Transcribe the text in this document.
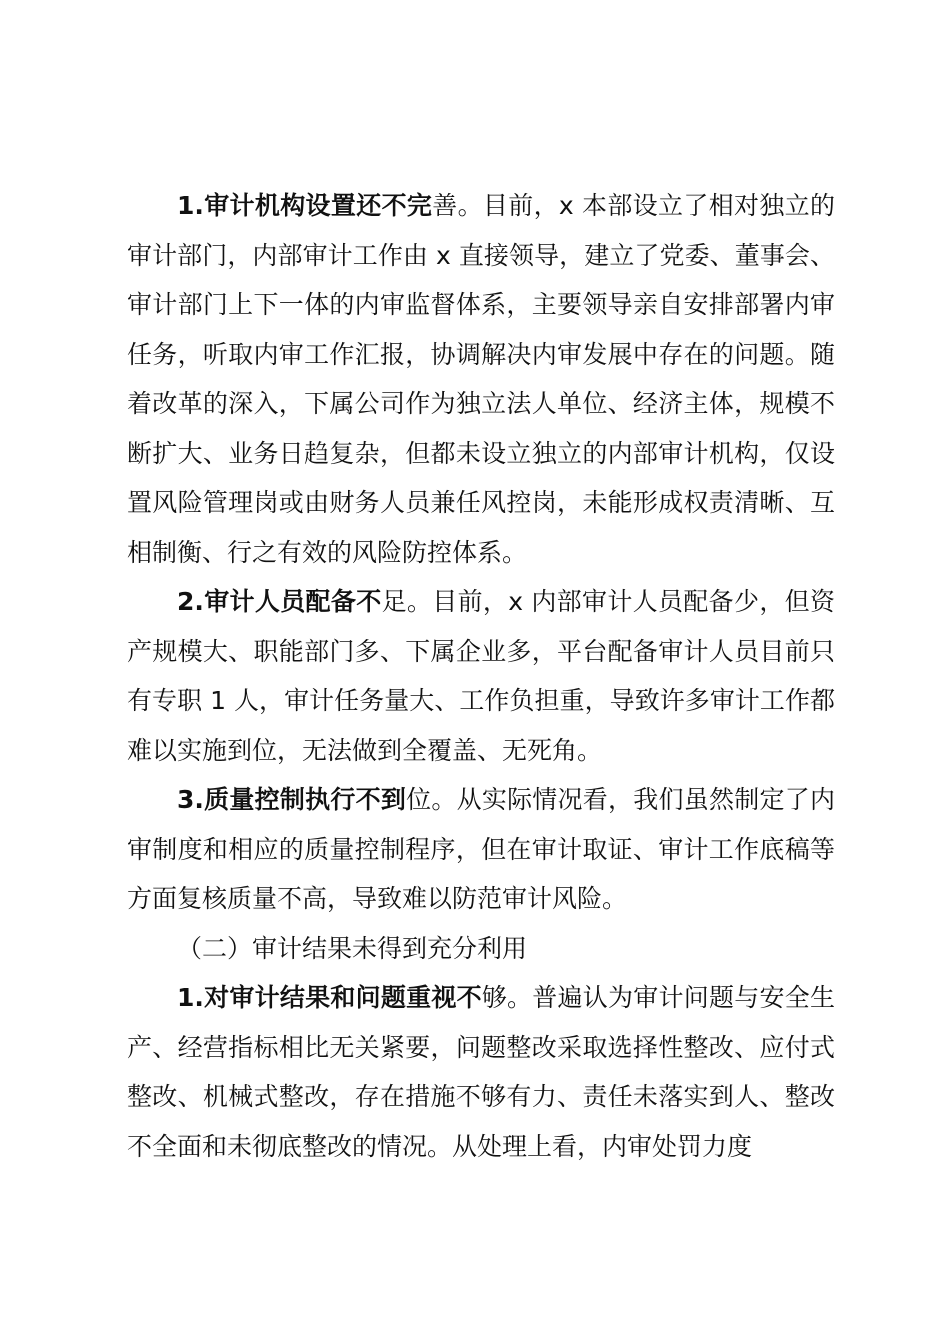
1.审计机构设置还不完善。目前，x 本部设立了相对独立的审计部门，内部审计工作由 x 直接领导，建立了党委、董事会、审计部门上下一体的内审监督体系，主要领导亲自安排部署内审任务，听取内审工作汇报，协调解决内审发展中存在的问题。随着改革的深入，下属公司作为独立法人单位、经济主体，规模不断扩大、业务日趋复杂，但都未设立独立的内部审计机构，仅设置风险管理岗或由财务人员兼任风控岗，未能形成权责清晰、互相制衡、行之有效的风险防控体系。

2.审计人员配备不足。目前，x 内部审计人员配备少，但资产规模大、职能部门多、下属企业多，平台配备审计人员目前只有专职 1 人，审计任务量大、工作负担重，导致许多审计工作都难以实施到位，无法做到全覆盖、无死角。

3.质量控制执行不到位。从实际情况看，我们虽然制定了内审制度和相应的质量控制程序，但在审计取证、审计工作底稿等方面复核质量不高，导致难以防范审计风险。

（二）审计结果未得到充分利用

1.对审计结果和问题重视不够。普遍认为审计问题与安全生产、经营指标相比无关紧要，问题整改采取选择性整改、应付式整改、机械式整改，存在措施不够有力、责任未落实到人、整改不全面和未彻底整改的情况。从处理上看，内审处罚力度
